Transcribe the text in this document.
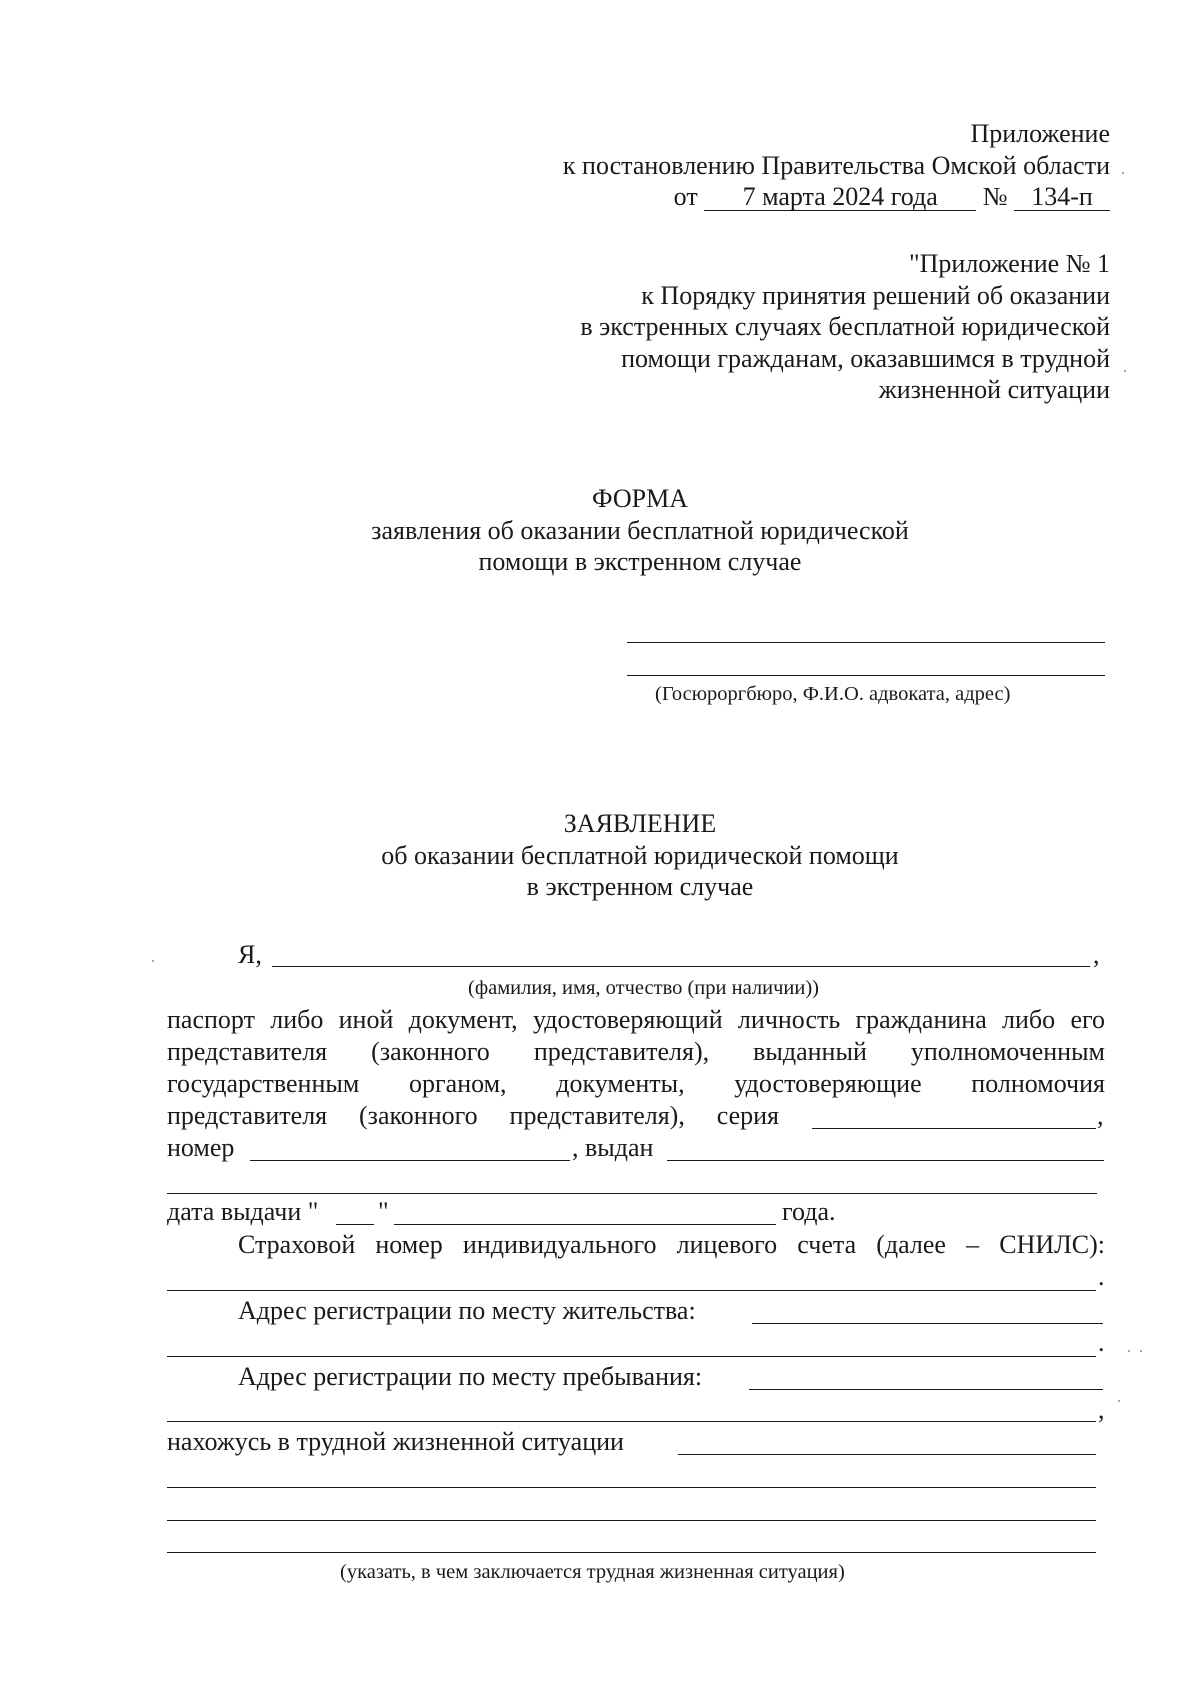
Приложение
к постановлению Правительства Омской области
от 7 марта 2024 года № 134-п
"Приложение № 1
к Порядку принятия решений об оказании
в экстренных случаях бесплатной юридической
помощи гражданам, оказавшимся в трудной
жизненной ситуации
ФОРМА
заявления об оказании бесплатной юридической
помощи в экстренном случае
(Госюроргбюро, Ф.И.О. адвоката, адрес)
ЗАЯВЛЕНИЕ
об оказании бесплатной юридической помощи
в экстренном случае
Я,	,
(фамилия, имя, отчество (при наличии))
паспорт либо иной документ, удостоверяющий личность гражданина либо его
представителя (законного представителя), выданный уполномоченным
государственным органом, документы, удостоверяющие полномочия
представителя (законного представителя), серия	,
номер	, выдан
дата выдачи " "	года.
Страховой номер индивидуального лицевого счета (далее – СНИЛС):
.
Адрес регистрации по месту жительства:
.
Адрес регистрации по месту пребывания:
,
нахожусь в трудной жизненной ситуации
(указать, в чем заключается трудная жизненная ситуация)
